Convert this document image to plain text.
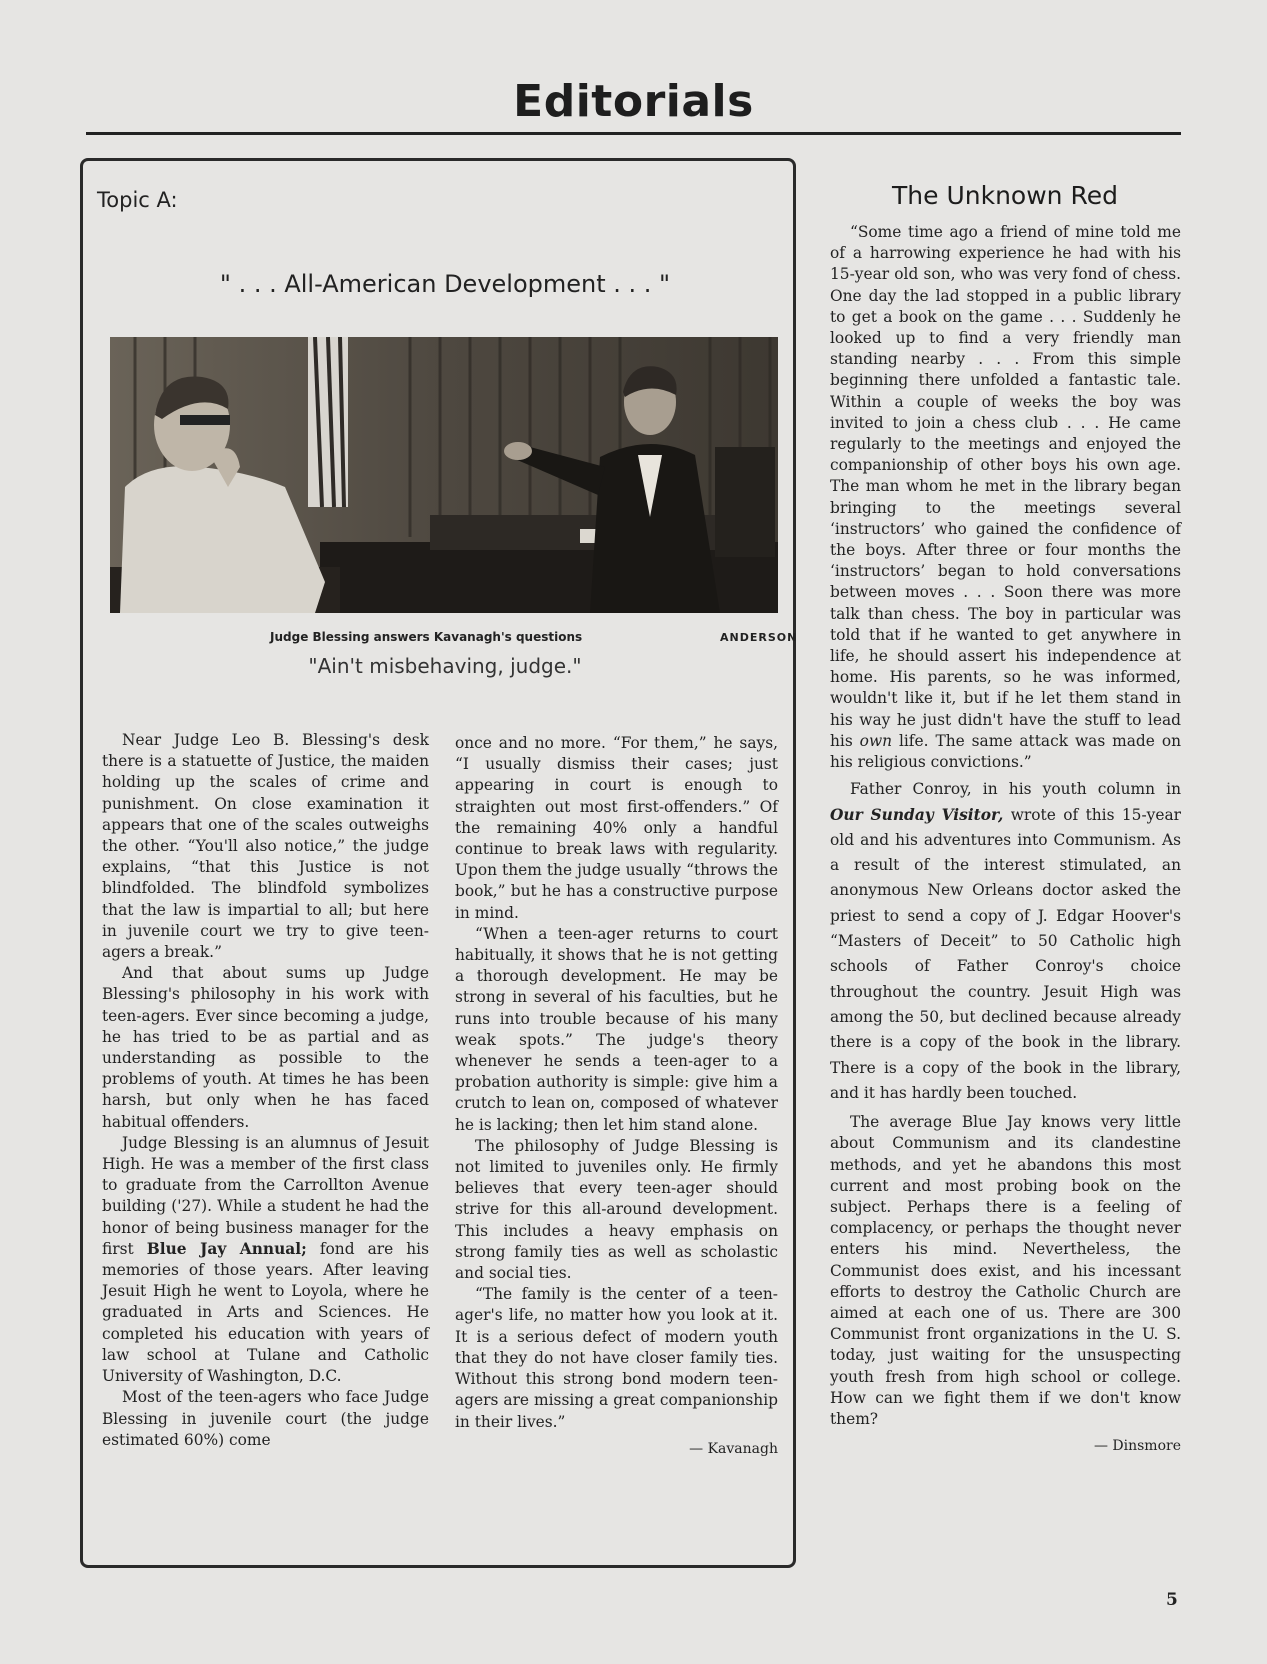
Editorials
Topic A:
" . . . All-American Development . . . "
Judge Blessing answers Kavanagh's questions	ANDERSON
"Ain't misbehaving, judge."

Near Judge Leo B. Blessing's desk there is a statuette of Justice, the maiden holding up the scales of crime and punishment. On close examination it appears that one of the scales outweighs the other. “You'll also notice,” the judge explains, “that this Justice is not blindfolded. The blindfold symbolizes that the law is impartial to all; but here in juvenile court we try to give teen-agers a break.”

And that about sums up Judge Blessing's philosophy in his work with teen-agers. Ever since becoming a judge, he has tried to be as partial and as understanding as possible to the problems of youth. At times he has been harsh, but only when he has faced habitual offenders.

Judge Blessing is an alumnus of Jesuit High. He was a member of the first class to graduate from the Carrollton Avenue building ('27). While a student he had the honor of being business manager for the first Blue Jay Annual; fond are his memories of those years. After leaving Jesuit High he went to Loyola, where he graduated in Arts and Sciences. He completed his education with years of law school at Tulane and Catholic University of Washington, D.C.

Most of the teen-agers who face Judge Blessing in juvenile court (the judge estimated 60%) come

once and no more. “For them,” he says, “I usually dismiss their cases; just appearing in court is enough to straighten out most first-offenders.” Of the remaining 40% only a handful continue to break laws with regularity. Upon them the judge usually “throws the book,” but he has a constructive purpose in mind.

“When a teen-ager returns to court habitually, it shows that he is not getting a thorough development. He may be strong in several of his faculties, but he runs into trouble because of his many weak spots.” The judge's theory whenever he sends a teen-ager to a probation authority is simple: give him a crutch to lean on, composed of whatever he is lacking; then let him stand alone.

The philosophy of Judge Blessing is not limited to juveniles only. He firmly believes that every teen-ager should strive for this all-around development. This includes a heavy emphasis on strong family ties as well as scholastic and social ties.

“The family is the center of a teen-ager's life, no matter how you look at it. It is a serious defect of modern youth that they do not have closer family ties. Without this strong bond modern teen-agers are missing a great companionship in their lives.”

— Kavanagh
The Unknown Red

“Some time ago a friend of mine told me of a harrowing experience he had with his 15-year old son, who was very fond of chess. One day the lad stopped in a public library to get a book on the game . . . Suddenly he looked up to find a very friendly man standing nearby . . . From this simple beginning there unfolded a fantastic tale. Within a couple of weeks the boy was invited to join a chess club . . . He came regularly to the meetings and enjoyed the companionship of other boys his own age. The man whom he met in the library began bringing to the meetings several ‘instructors’ who gained the confidence of the boys. After three or four months the ‘instructors’ began to hold conversations between moves . . . Soon there was more talk than chess. The boy in particular was told that if he wanted to get anywhere in life, he should assert his independence at home. His parents, so he was informed, wouldn't like it, but if he let them stand in his way he just didn't have the stuff to lead his own life. The same attack was made on his religious convictions.”

Father Conroy, in his youth column in Our Sunday Visitor, wrote of this 15-year old and his adventures into Communism. As a result of the interest stimulated, an anonymous New Orleans doctor asked the priest to send a copy of J. Edgar Hoover's “Masters of Deceit” to 50 Catholic high schools of Father Conroy's choice throughout the country. Jesuit High was among the 50, but declined because already there is a copy of the book in the library. There is a copy of the book in the library, and it has hardly been touched.

The average Blue Jay knows very little about Communism and its clandestine methods, and yet he abandons this most current and most probing book on the subject. Perhaps there is a feeling of complacency, or perhaps the thought never enters his mind. Nevertheless, the Communist does exist, and his incessant efforts to destroy the Catholic Church are aimed at each one of us. There are 300 Communist front organizations in the U. S. today, just waiting for the unsuspecting youth fresh from high school or college. How can we fight them if we don't know them?

— Dinsmore
5
